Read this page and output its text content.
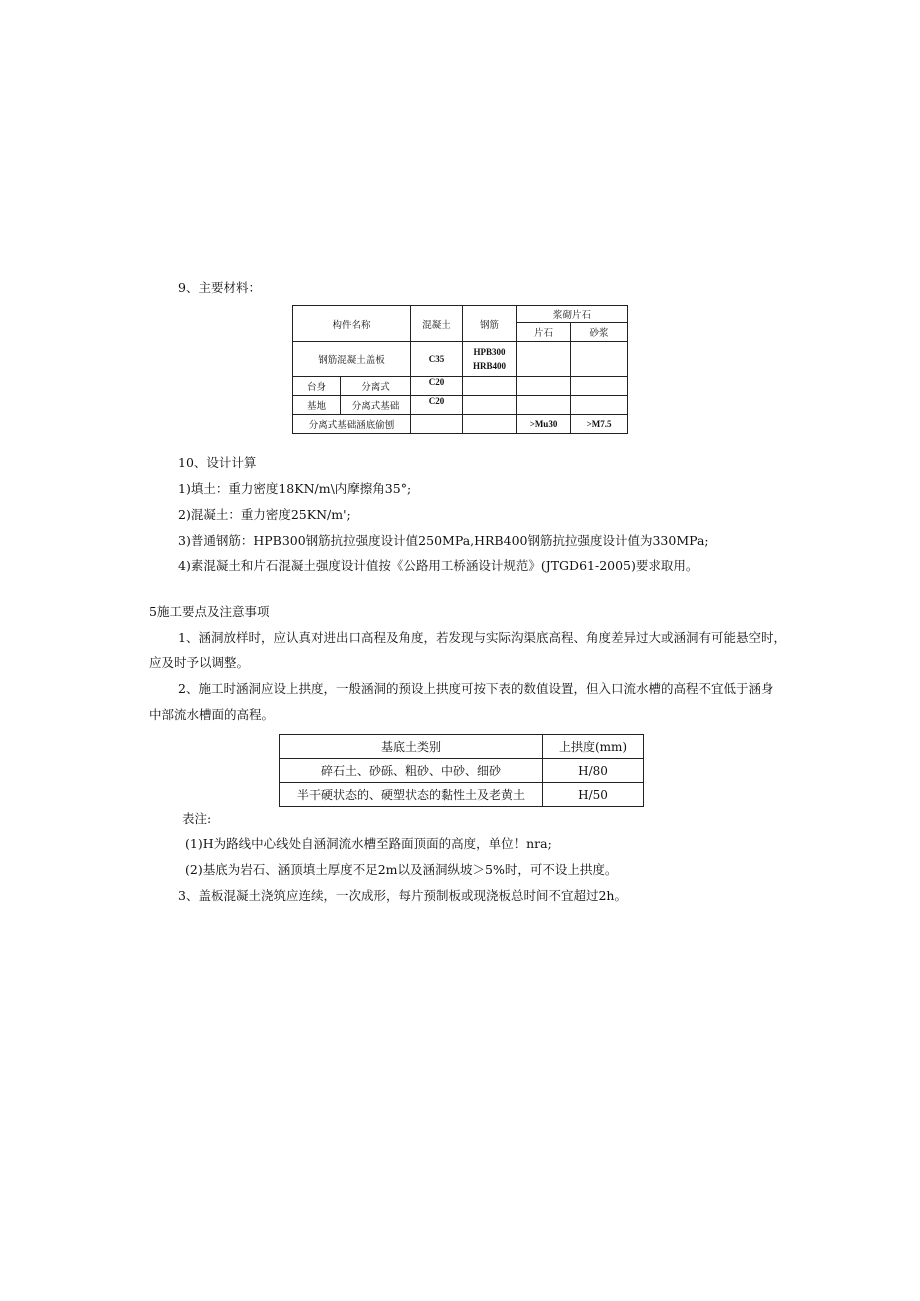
9、主要材料：
构件名称		混凝土	钢筋	浆砌片石	
				片石	砂浆
钢筋混凝土盖板		C35	HPB300
HRB400		

台身	分离式	C20			
基地	分离式基础	C20			
分离式基础涵底偷刨				>Mu30	>M7.5
10、设计计算
1)填土：重力密度18KN∕m\内摩擦角35°;
2)混凝土：重力密度25KN∕m';
3)普通钢筋：HPB300钢筋抗拉强度设计值250MPa,HRB400钢筋抗拉强度设计值为330MPa;
4)素混凝土和片石混凝土强度设计值按《公路用工桥涵设计规范》(JTGD61-2005)要求取用。
5施工要点及注意事项
1、涵洞放样时，应认真对进出口高程及角度，若发现与实际沟渠底高程、角度差异过大或涵洞有可能悬空时，
应及时予以调整。
2、施工时涵洞应设上拱度，一般涵洞的预设上拱度可按下表的数值设置，但入口流水槽的高程不宜低于涵身
中部流水槽面的高程。
基底土类别	上拱度(mm)
碎石土、砂砾、粗砂、中砂、细砂	H/80
半干硬状态的、硬塑状态的黏性土及老黄土	H/50
表注:
(1)H为路线中心线处自涵洞流水槽至路面顶面的高度，单位！nra;
(2)基底为岩石、涵顶填土厚度不足2m以及涵洞纵坡＞5%时，可不设上拱度。
3、盖板混凝土浇筑应连续，一次成形，每片预制板或现浇板总时间不宜超过2h。
